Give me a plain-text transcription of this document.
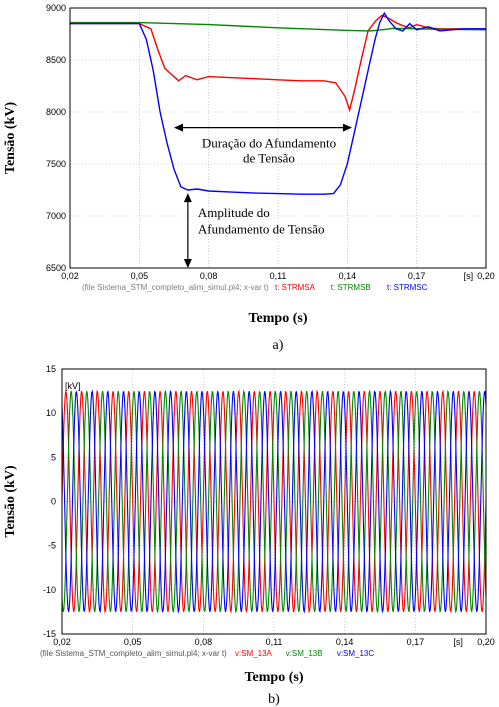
Duração do Afundamento
de Tensão
Amplitude do
Afundamento de Tensão
0,02	0,05	0,08	0,11	0,14	0,17	0,20
9000
8500
8000
7500
7000
6500
[s]
(file Sistema_STM_completo_alim_simul.pl4; x-var t) t: STRMSA t: STRMSB t: STRMSC
Tensão (kV)
Tempo (s)
a)
0,02	0,05	0,08	0,11	0,14	0,17	0,20
15
10
5
0
-5
-10
-15
[s]
[kV]
(file Sistema_STM_completo_alim_simul.pl4; x-var t) v:SM_13A v:SM_13B v:SM_13C
Tensão (kV)
Tempo (s)
b)
